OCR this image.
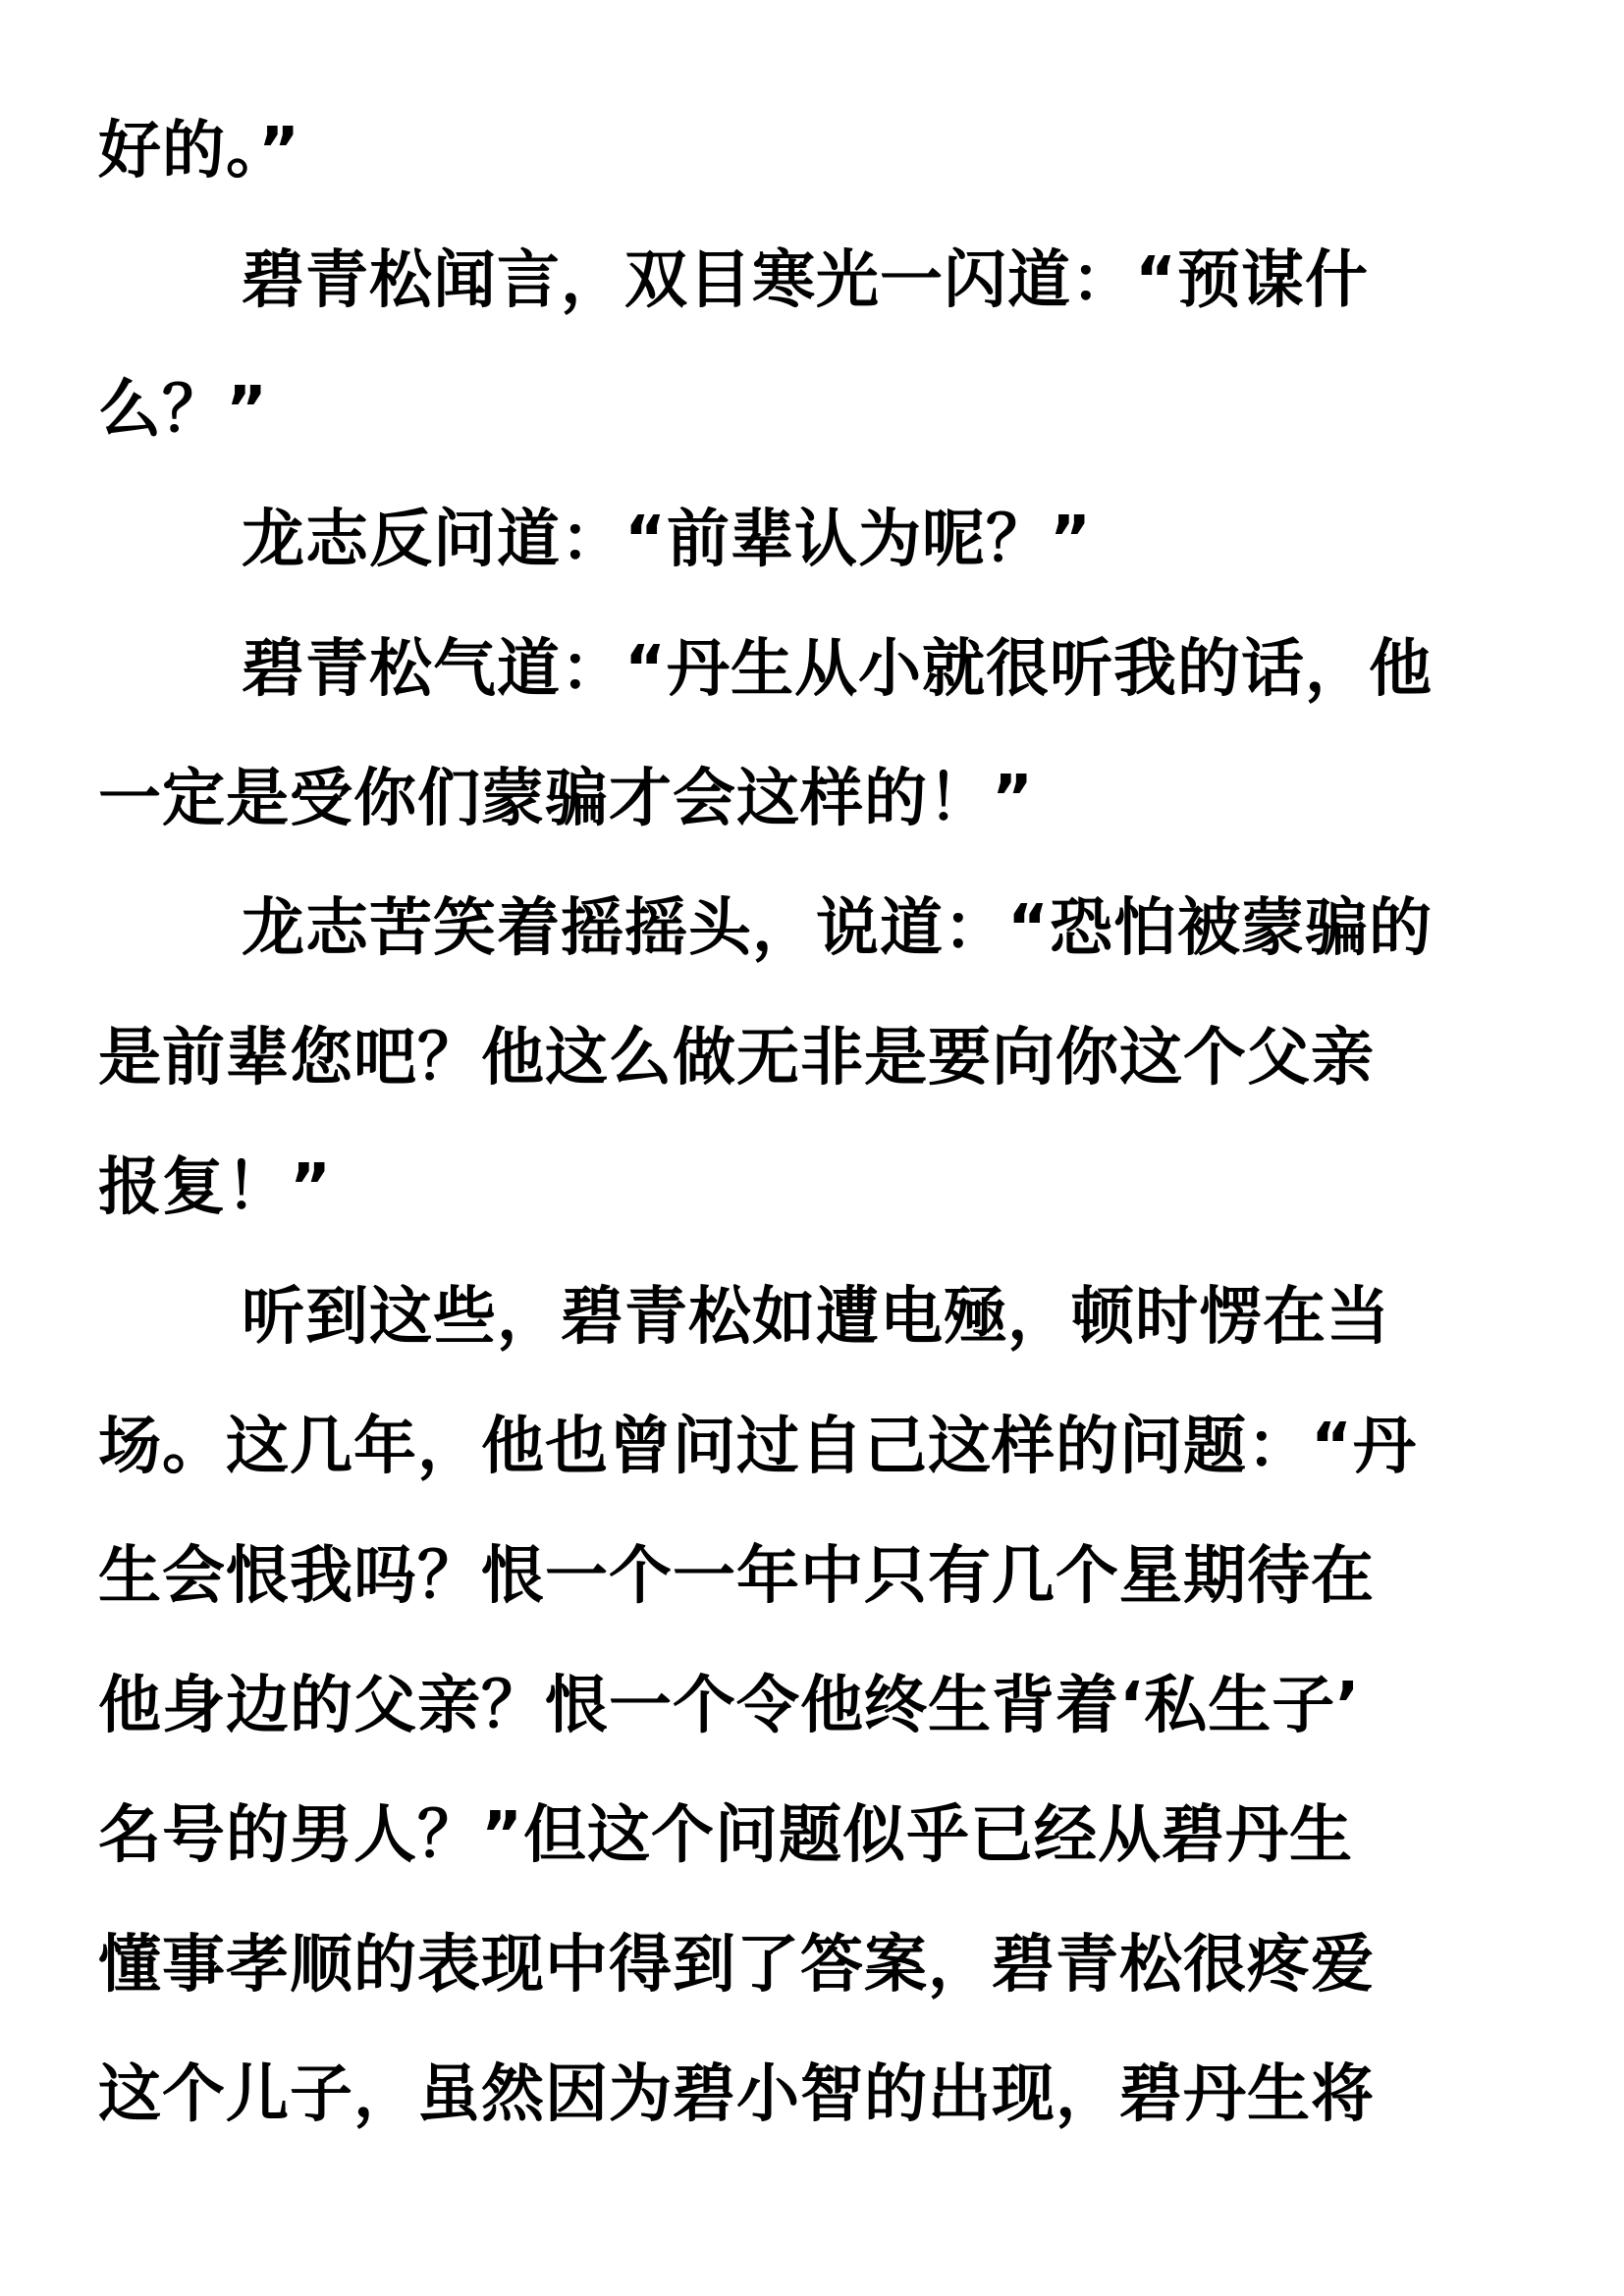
好的。”
碧青松闻言，双目寒光一闪道：“预谋什
么？”
龙志反问道：“前辈认为呢？”
碧青松气道：“丹生从小就很听我的话，他
一定是受你们蒙骗才会这样的！”
龙志苦笑着摇摇头，说道：“恐怕被蒙骗的
是前辈您吧？他这么做无非是要向你这个父亲
报复！”
听到这些，碧青松如遭电殛，顿时愣在当
场。这几年，他也曾问过自己这样的问题：“丹
生会恨我吗？恨一个一年中只有几个星期待在
他身边的父亲？恨一个令他终生背着‘私生子’
名号的男人？”但这个问题似乎已经从碧丹生
懂事孝顺的表现中得到了答案，碧青松很疼爱
这个儿子，虽然因为碧小智的出现，碧丹生将
